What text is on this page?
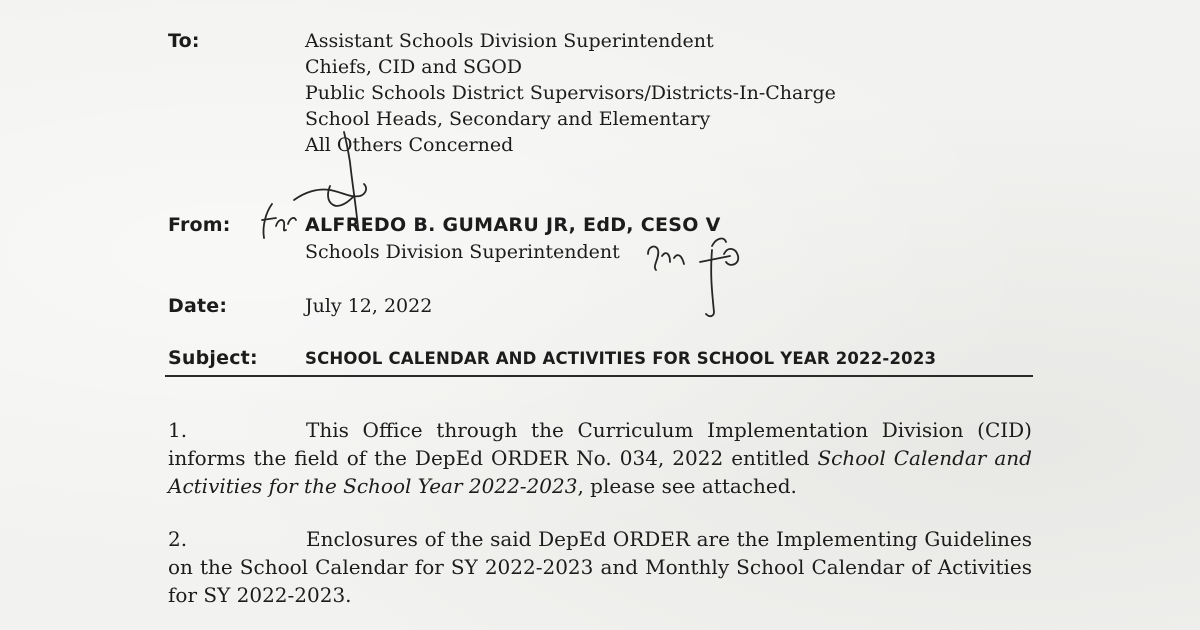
To:	Assistant Schools Division Superintendent
Chiefs, CID and SGOD
Public Schools District Supervisors/Districts-In-Charge
School Heads, Secondary and Elementary
All Others Concerned
From:	ALFREDO B. GUMARU JR, EdD, CESO V
Schools Division Superintendent
Date:	July 12, 2022
Subject:	SCHOOL CALENDAR AND ACTIVITIES FOR SCHOOL YEAR 2022-2023
1.	This Office through the Curriculum Implementation Division (CID) informs the field of the DepEd ORDER No. 034, 2022 entitled School Calendar and Activities for the School Year 2022-2023, please see attached.
2.	Enclosures of the said DepEd ORDER are the Implementing Guidelines on the School Calendar for SY 2022-2023 and Monthly School Calendar of Activities for SY 2022-2023.
